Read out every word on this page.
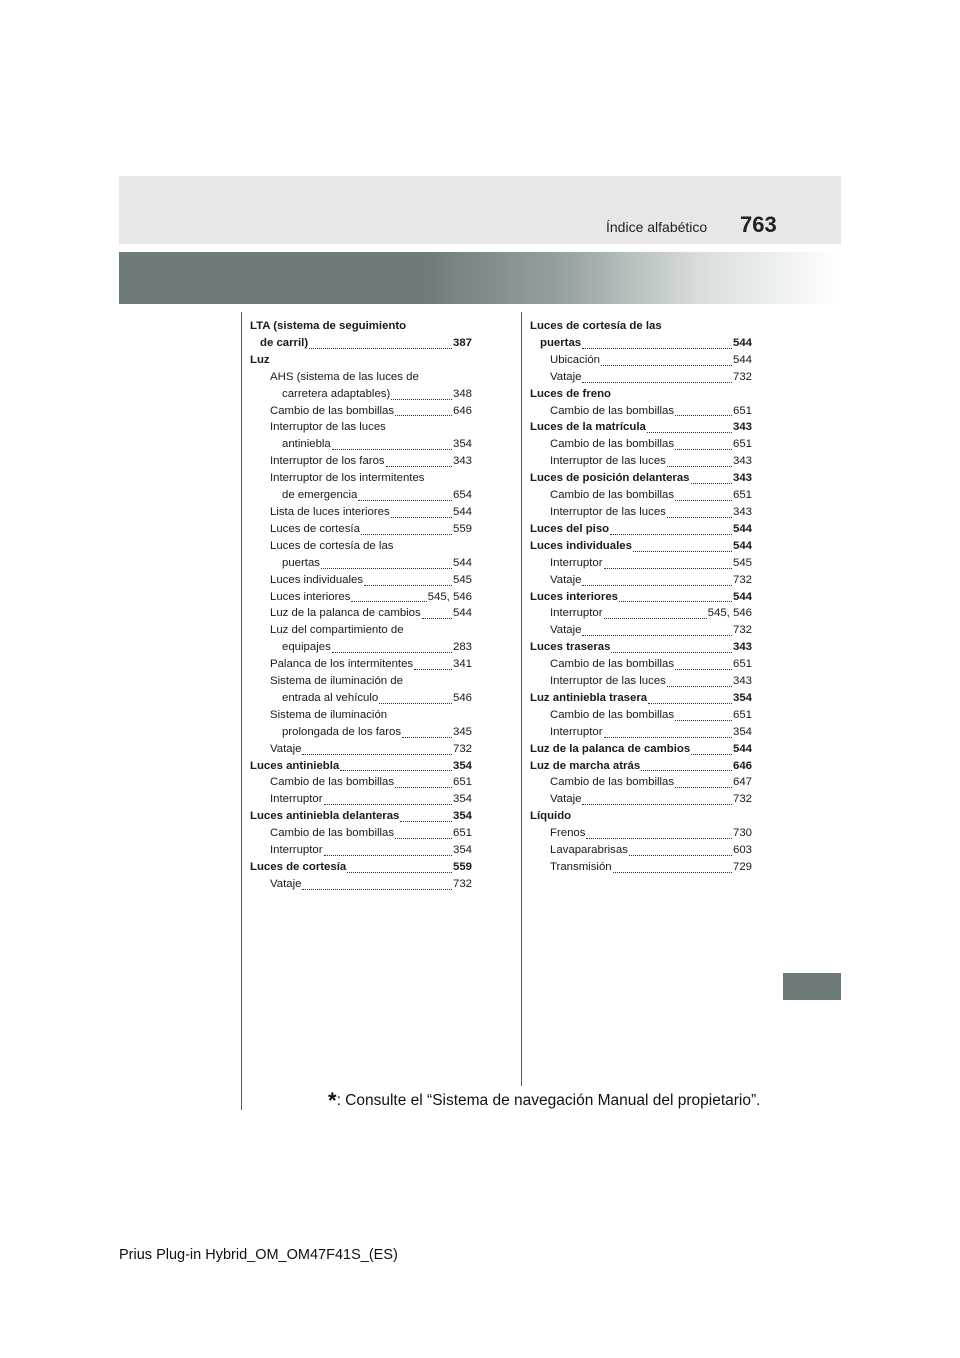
Índice alfabético 763
LTA (sistema de seguimiento
de carril)	387
Luz
AHS (sistema de las luces de
carretera adaptables)	348
Cambio de las bombillas	646
Interruptor de las luces
antiniebla	354
Interruptor de los faros	343
Interruptor de los intermitentes
de emergencia	654
Lista de luces interiores	544
Luces de cortesía	559
Luces de cortesía de las
puertas	544
Luces individuales	545
Luces interiores	545, 546
Luz de la palanca de cambios	544
Luz del compartimiento de
equipajes	283
Palanca de los intermitentes	341
Sistema de iluminación de
entrada al vehículo	546
Sistema de iluminación
prolongada de los faros	345
Vataje	732
Luces antiniebla	354
Cambio de las bombillas	651
Interruptor	354
Luces antiniebla delanteras	354
Cambio de las bombillas	651
Interruptor	354
Luces de cortesía	559
Vataje	732
Luces de cortesía de las
puertas	544
Ubicación	544
Vataje	732
Luces de freno
Cambio de las bombillas	651
Luces de la matrícula	343
Cambio de las bombillas	651
Interruptor de las luces	343
Luces de posición delanteras	343
Cambio de las bombillas	651
Interruptor de las luces	343
Luces del piso	544
Luces individuales	544
Interruptor	545
Vataje	732
Luces interiores	544
Interruptor	545, 546
Vataje	732
Luces traseras	343
Cambio de las bombillas	651
Interruptor de las luces	343
Luz antiniebla trasera	354
Cambio de las bombillas	651
Interruptor	354
Luz de la palanca de cambios	544
Luz de marcha atrás	646
Cambio de las bombillas	647
Vataje	732
Líquido
Frenos	730
Lavaparabrisas	603
Transmisión	729
*: Consulte el “Sistema de navegación Manual del propietario”.
Prius Plug-in Hybrid_OM_OM47F41S_(ES)
